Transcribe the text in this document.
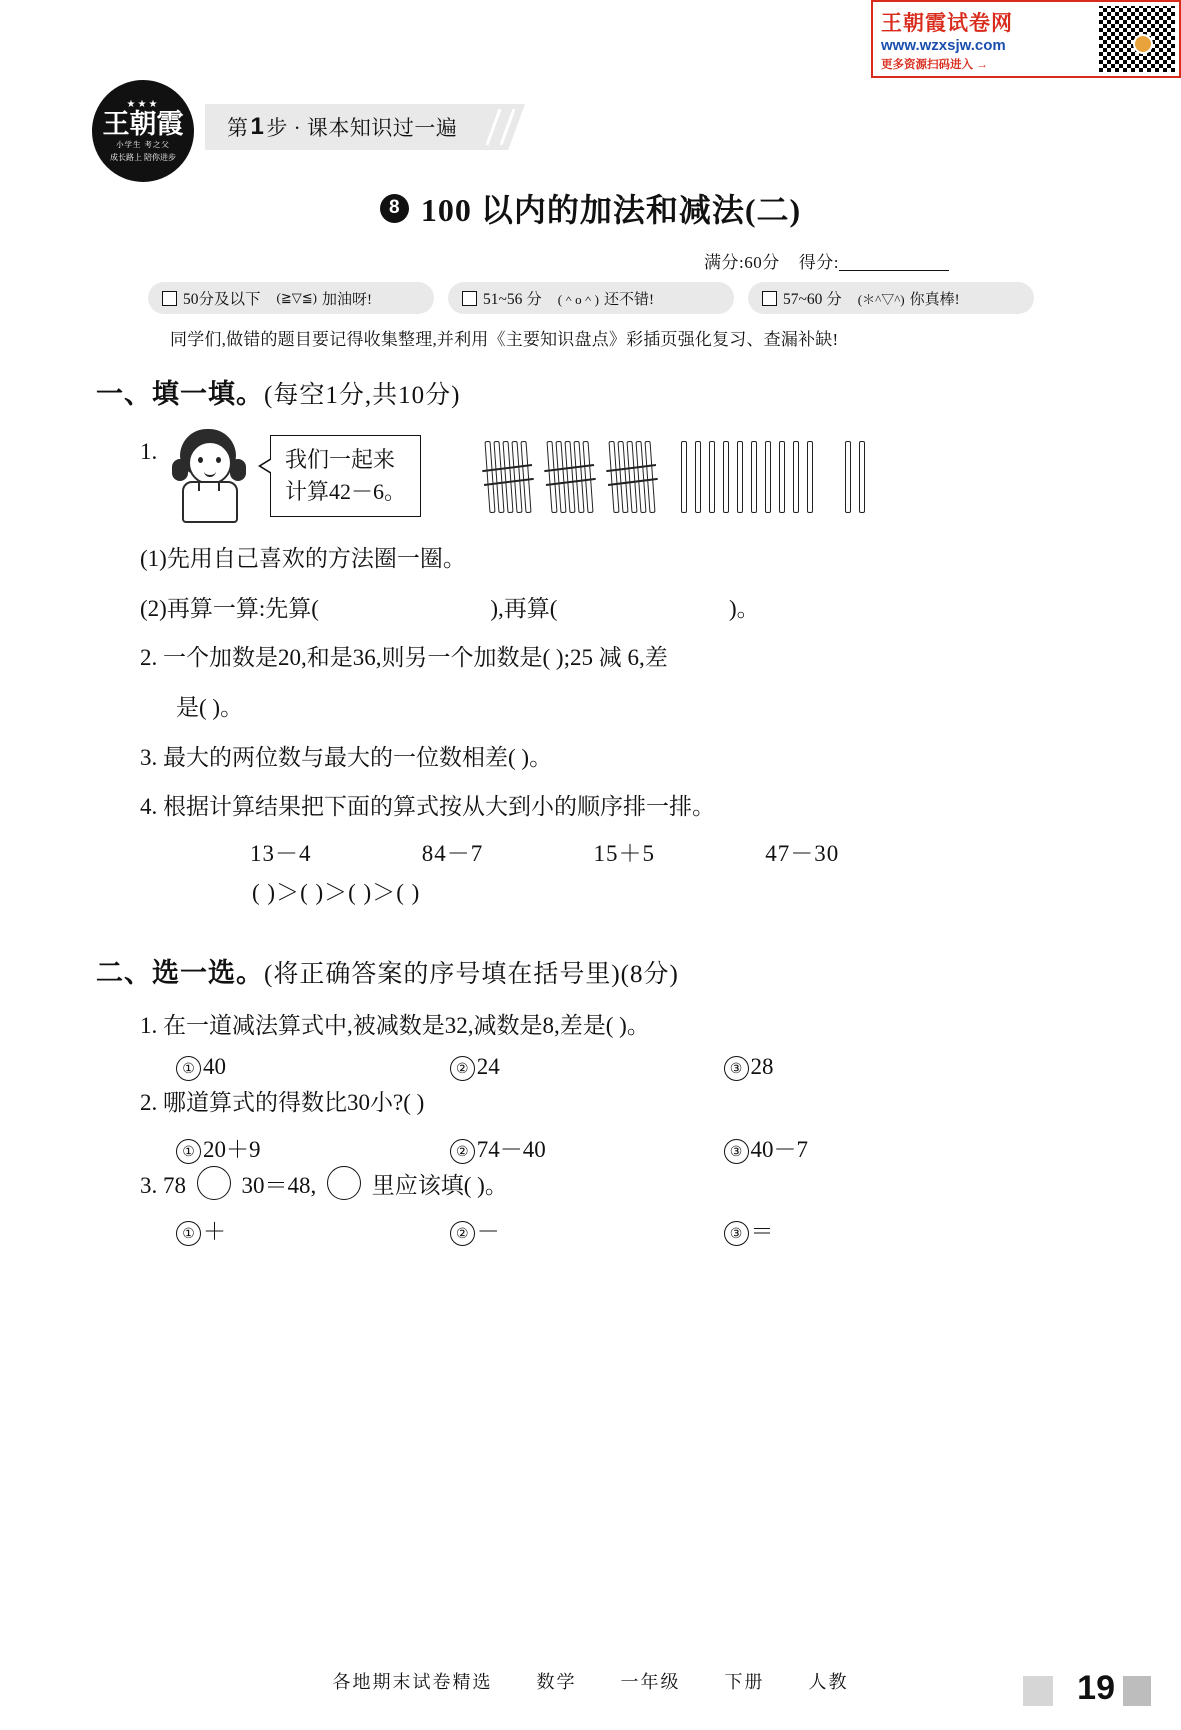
王朝霞试卷网
www.wzxsjw.com
更多资源扫码进入 →
★★★
王朝霞
小学生 考之父
成长路上 陪你进步
第 1 步 · 课本知识过一遍
8 100 以内的加法和减法(二)
满分:60分 得分:
50分及以下 (≧▽≦) 加油呀!	51~56 分 (＾o＾) 还不错!	57~60 分 (＊^▽^) 你真棒!
同学们,做错的题目要记得收集整理,并利用《主要知识盘点》彩插页强化复习、查漏补缺!
一、填一填。(每空1分,共10分)
1.	我们一起来
计算42－6。
(1)先用自己喜欢的方法圈一圈。
(2)再算一算:先算(	),再算(	)。
2. 一个加数是20,和是36,则另一个加数是( );25 减 6,差
是( )。
3. 最大的两位数与最大的一位数相差( )。
4. 根据计算结果把下面的算式按从大到小的顺序排一排。
13－4	84－7	15＋5	47－30
( )＞( )＞( )＞( )
二、选一选。(将正确答案的序号填在括号里)(8分)
1. 在一道减法算式中,被减数是32,减数是8,差是( )。
① 40	② 24	③ 28
2. 哪道算式的得数比30小?( )
① 20＋9	② 74－40	③ 40－7
3. 78 30＝48, 里应该填( )。
① ＋	② －	③ ＝
各地期末试卷精选 数学 一年级 下册 人教	19
